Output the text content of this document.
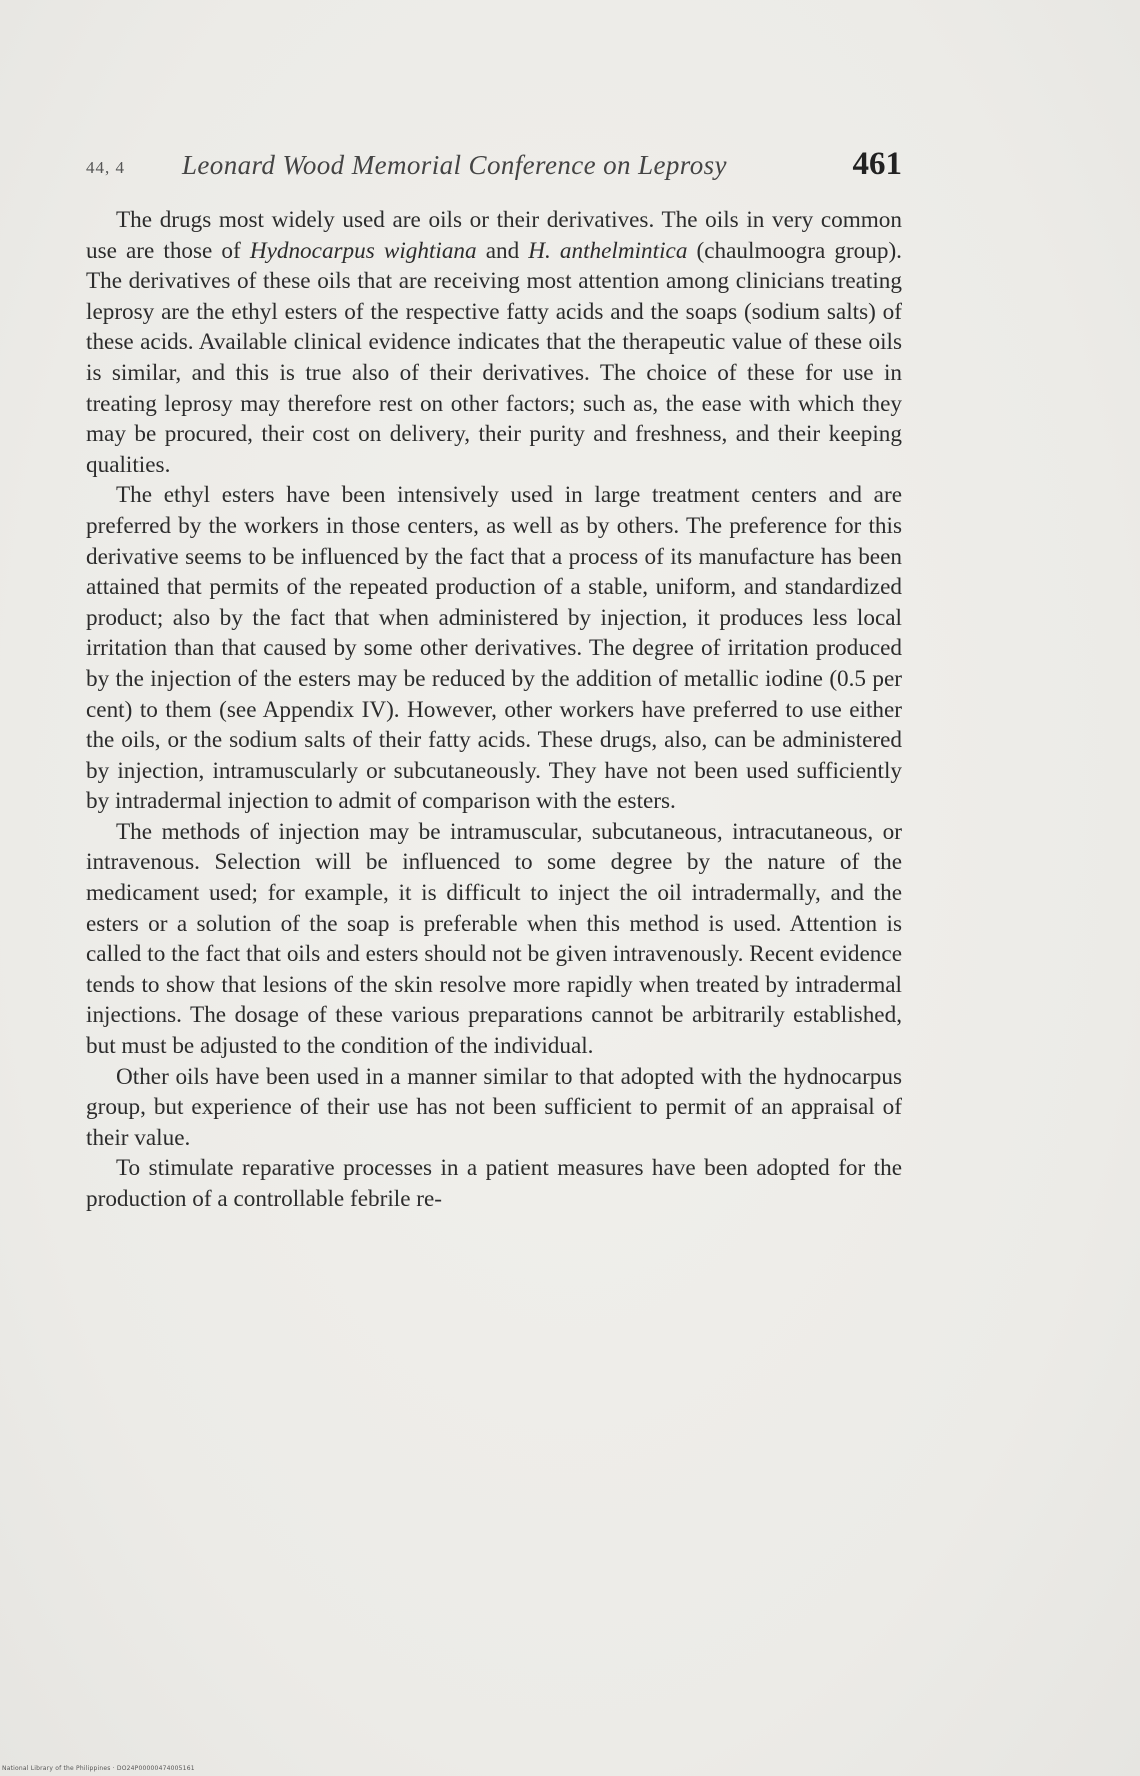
44, 4 Leonard Wood Memorial Conference on Leprosy	461

The drugs most widely used are oils or their derivatives. The oils in very common use are those of Hydnocarpus wightiana and H. anthelmintica (chaulmoogra group). The derivatives of these oils that are receiving most attention among clinicians treating leprosy are the ethyl esters of the respective fatty acids and the soaps (sodium salts) of these acids. Available clinical evidence indicates that the therapeutic value of these oils is similar, and this is true also of their derivatives. The choice of these for use in treating leprosy may therefore rest on other factors; such as, the ease with which they may be procured, their cost on delivery, their purity and freshness, and their keeping qualities.

The ethyl esters have been intensively used in large treatment centers and are preferred by the workers in those centers, as well as by others. The preference for this derivative seems to be influenced by the fact that a process of its manufacture has been attained that permits of the repeated production of a stable, uniform, and standardized product; also by the fact that when administered by injection, it produces less local irritation than that caused by some other derivatives. The degree of irritation produced by the injection of the esters may be reduced by the addition of metallic iodine (0.5 per cent) to them (see Appendix IV). However, other workers have preferred to use either the oils, or the sodium salts of their fatty acids. These drugs, also, can be administered by injection, intramuscularly or subcutaneously. They have not been used sufficiently by intradermal injection to admit of comparison with the esters.

The methods of injection may be intramuscular, subcutaneous, intracutaneous, or intravenous. Selection will be influenced to some degree by the nature of the medicament used; for example, it is difficult to inject the oil intradermally, and the esters or a solution of the soap is preferable when this method is used. Attention is called to the fact that oils and esters should not be given intravenously. Recent evidence tends to show that lesions of the skin resolve more rapidly when treated by intradermal injections. The dosage of these various preparations cannot be arbitrarily established, but must be adjusted to the condition of the individual.

Other oils have been used in a manner similar to that adopted with the hydnocarpus group, but experience of their use has not been sufficient to permit of an appraisal of their value.

To stimulate reparative processes in a patient measures have been adopted for the production of a controllable febrile re-

National Library of the Philippines · DO24P00000474005161
